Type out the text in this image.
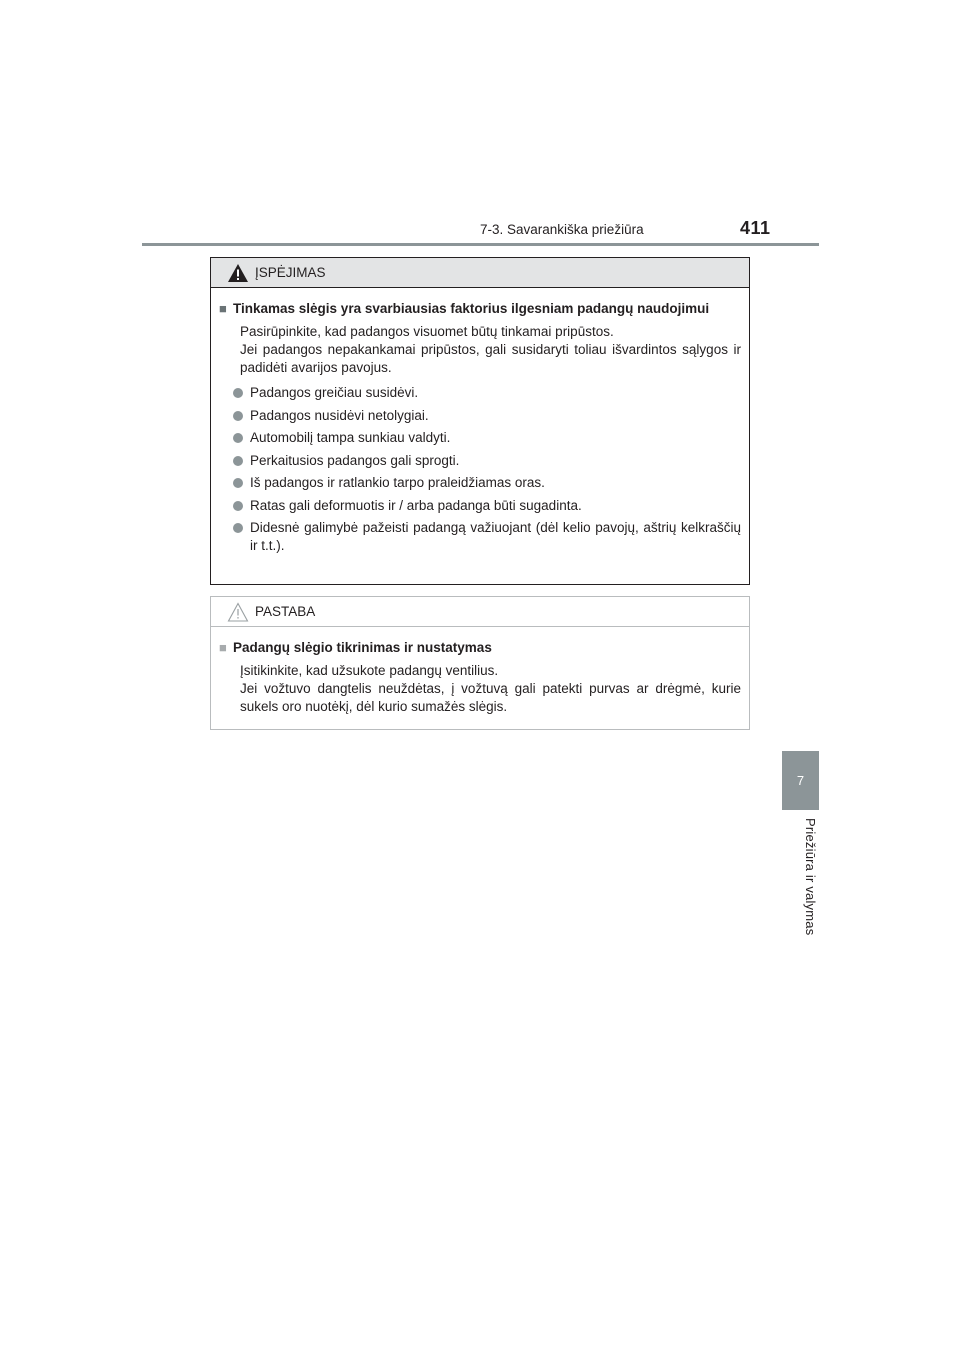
7-3. Savarankiška priežiūra	411
7
Priežiūra ir valymas
ĮSPĖJIMAS
■ Tinkamas slėgis yra svarbiausias faktorius ilgesniam padangų naudojimui
Pasirūpinkite, kad padangos visuomet būtų tinkamai pripūstos.
Jei padangos nepakankamai pripūstos, gali susidaryti toliau išvardintos sąlygos ir padidėti avarijos pavojus.
Padangos greičiau susidėvi.
Padangos nusidėvi netolygiai.
Automobilį tampa sunkiau valdyti.
Perkaitusios padangos gali sprogti.
Iš padangos ir ratlankio tarpo praleidžiamas oras.
Ratas gali deformuotis ir / arba padanga būti sugadinta.
Didesnė galimybė pažeisti padangą važiuojant (dėl kelio pavojų, aštrių kelkraščių ir t.t.).
PASTABA
■ Padangų slėgio tikrinimas ir nustatymas
Įsitikinkite, kad užsukote padangų ventilius.
Jei vožtuvo dangtelis neuždėtas, į vožtuvą gali patekti purvas ar drėgmė, kurie sukels oro nuotėkį, dėl kurio sumažės slėgis.
